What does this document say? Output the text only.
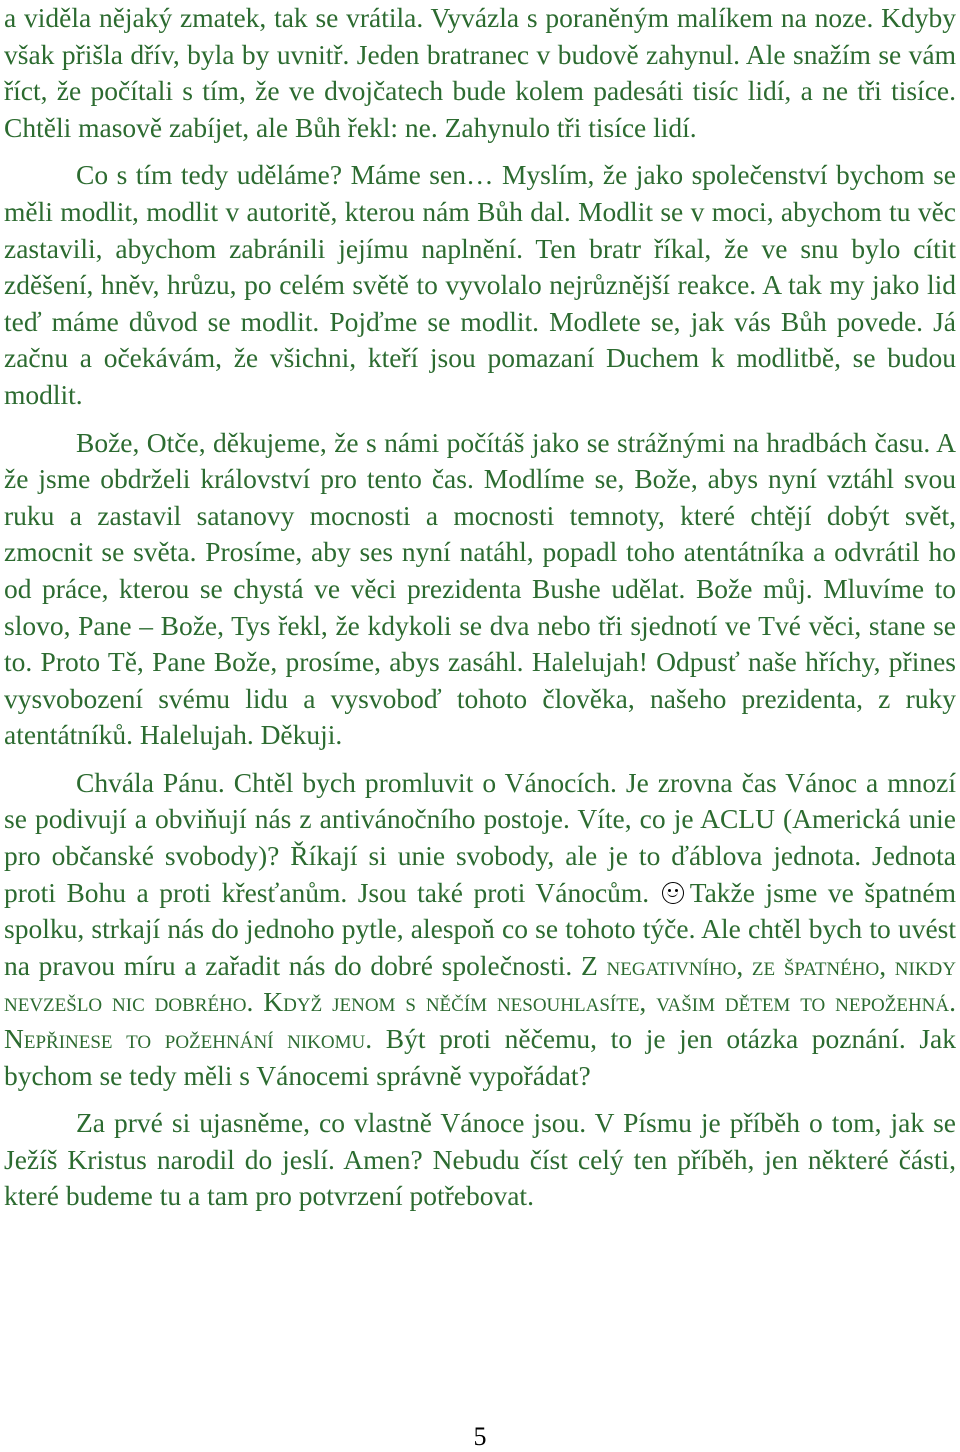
a viděla nějaký zmatek, tak se vrátila. Vyvázla s poraněným malíkem na noze. Kdyby však přišla dřív, byla by uvnitř. Jeden bratranec v budově zahynul. Ale snažím se vám říct, že počítali s tím, že ve dvojčatech bude kolem padesáti tisíc lidí, a ne tři tisíce. Chtěli masově zabíjet, ale Bůh řekl: ne. Zahynulo tři tisíce lidí.

Co s tím tedy uděláme? Máme sen… Myslím, že jako společenství bychom se měli modlit, modlit v autoritě, kterou nám Bůh dal. Modlit se v moci, abychom tu věc zastavili, abychom zabránili jejímu naplnění. Ten bratr říkal, že ve snu bylo cítit zděšení, hněv, hrůzu, po celém světě to vyvolalo nejrůznější reakce. A tak my jako lid teď máme důvod se modlit. Pojďme se modlit. Modlete se, jak vás Bůh povede. Já začnu a očekávám, že všichni, kteří jsou pomazaní Duchem k modlitbě, se budou modlit.

Bože, Otče, děkujeme, že s námi počítáš jako se strážnými na hradbách času. A že jsme obdrželi království pro tento čas. Modlíme se, Bože, abys nyní vztáhl svou ruku a zastavil satanovy mocnosti a mocnosti temnoty, které chtějí dobýt svět, zmocnit se světa. Prosíme, aby ses nyní natáhl, popadl toho atentátníka a odvrátil ho od práce, kterou se chystá ve věci prezidenta Bushe udělat. Bože můj. Mluvíme to slovo, Pane – Bože, Tys řekl, že kdykoli se dva nebo tři sjednotí ve Tvé věci, stane se to. Proto Tě, Pane Bože, prosíme, abys zasáhl. Halelujah! Odpusť naše hříchy, přines vysvobození svému lidu a vysvoboď tohoto člověka, našeho prezidenta, z ruky atentátníků. Halelujah. Děkuji.

Chvála Pánu. Chtěl bych promluvit o Vánocích. Je zrovna čas Vánoc a mnozí se podivují a obviňují nás z antivánočního postoje. Víte, co je ACLU (Americká unie pro občanské svobody)? Říkají si unie svobody, ale je to ďáblova jednota. Jednota proti Bohu a proti křesťanům. Jsou také proti Vánocům.
Takže jsme ve špatném spolku, strkají nás do jednoho pytle, alespoň co se tohoto týče. Ale chtěl bych to uvést na pravou míru a zařadit nás do dobré společnosti. Z negativního, ze špatného, nikdy nevzešlo nic dobrého. Když jenom s něčím nesouhlasíte, vašim dětem to nepožehná. Nepřinese to požehnání nikomu. Být proti něčemu, to je jen otázka poznání. Jak bychom se tedy měli s Vánocemi správně vypořádat?

Za prvé si ujasněme, co vlastně Vánoce jsou. V Písmu je příběh o tom, jak se Ježíš Kristus narodil do jeslí. Amen? Nebudu číst celý ten příběh, jen některé části, které budeme tu a tam pro potvrzení potřebovat.

5
